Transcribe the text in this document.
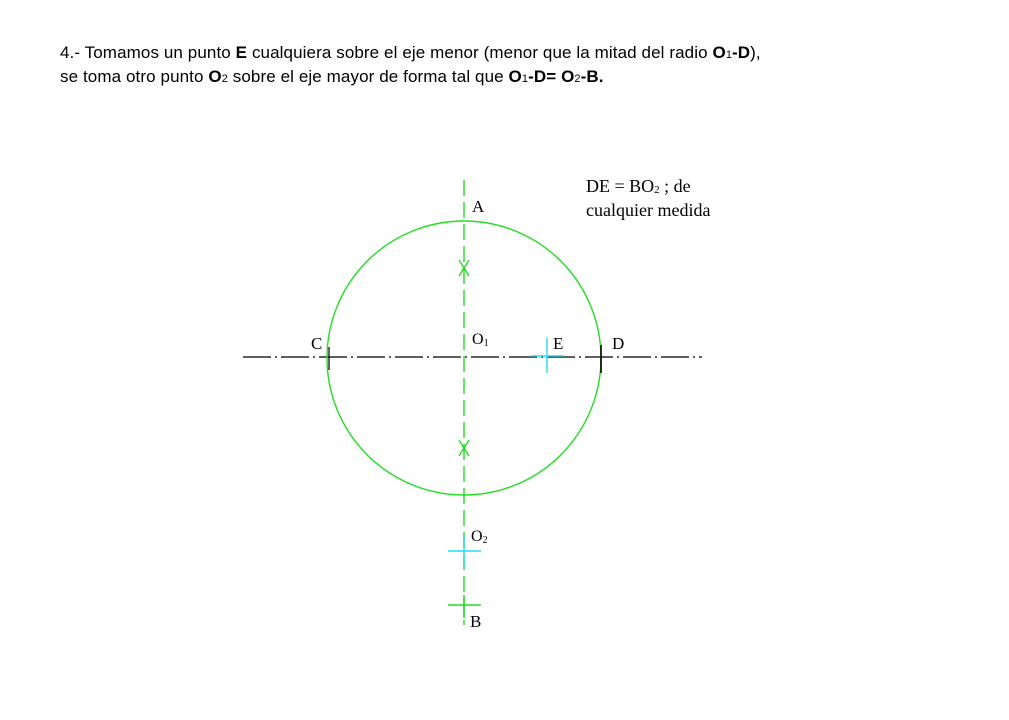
4.- Tomamos un punto E cualquiera sobre el eje menor (menor que la mitad del radio O1-D),
se toma otro punto O2 sobre el eje mayor de forma tal que O1-D= O2-B.
A
C	D
E
O1
O2
B
DE = BO2 ; de
cualquier medida
